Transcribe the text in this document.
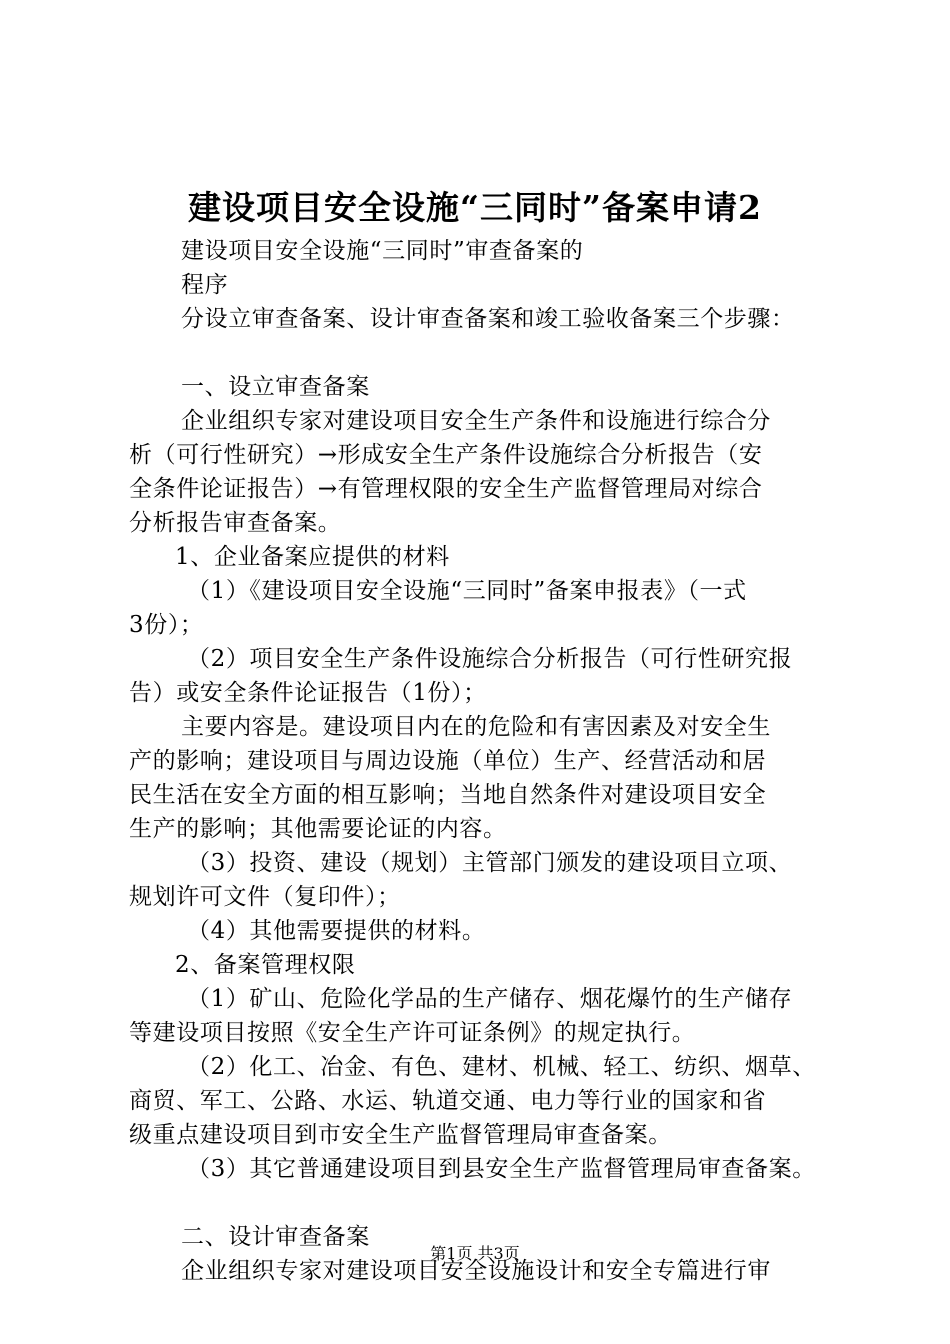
建设项目安全设施“三同时”备案申请2
建设项目安全设施“三同时”审查备案的
程序
分设立审查备案、设计审查备案和竣工验收备案三个步骤：
一、设立审查备案
企业组织专家对建设项目安全生产条件和设施进行综合分
析（可行性研究）→形成安全生产条件设施综合分析报告（安
全条件论证报告）→有管理权限的安全生产监督管理局对综合
分析报告审查备案。
1、企业备案应提供的材料
（1）《建设项目安全设施“三同时”备案申报表》（一式
3份）；
（2）项目安全生产条件设施综合分析报告（可行性研究报
告）或安全条件论证报告（1份）；
主要内容是。建设项目内在的危险和有害因素及对安全生
产的影响；建设项目与周边设施（单位）生产、经营活动和居
民生活在安全方面的相互影响；当地自然条件对建设项目安全
生产的影响；其他需要论证的内容。
（3）投资、建设（规划）主管部门颁发的建设项目立项、
规划许可文件（复印件）；
（4）其他需要提供的材料。
2、备案管理权限
（1）矿山、危险化学品的生产储存、烟花爆竹的生产储存
等建设项目按照《安全生产许可证条例》的规定执行。
（2）化工、冶金、有色、建材、机械、轻工、纺织、烟草、
商贸、军工、公路、水运、轨道交通、电力等行业的国家和省
级重点建设项目到市安全生产监督管理局审查备案。
（3）其它普通建设项目到县安全生产监督管理局审查备案。
二、设计审查备案
企业组织专家对建设项目安全设施设计和安全专篇进行审
第1页 共3页
